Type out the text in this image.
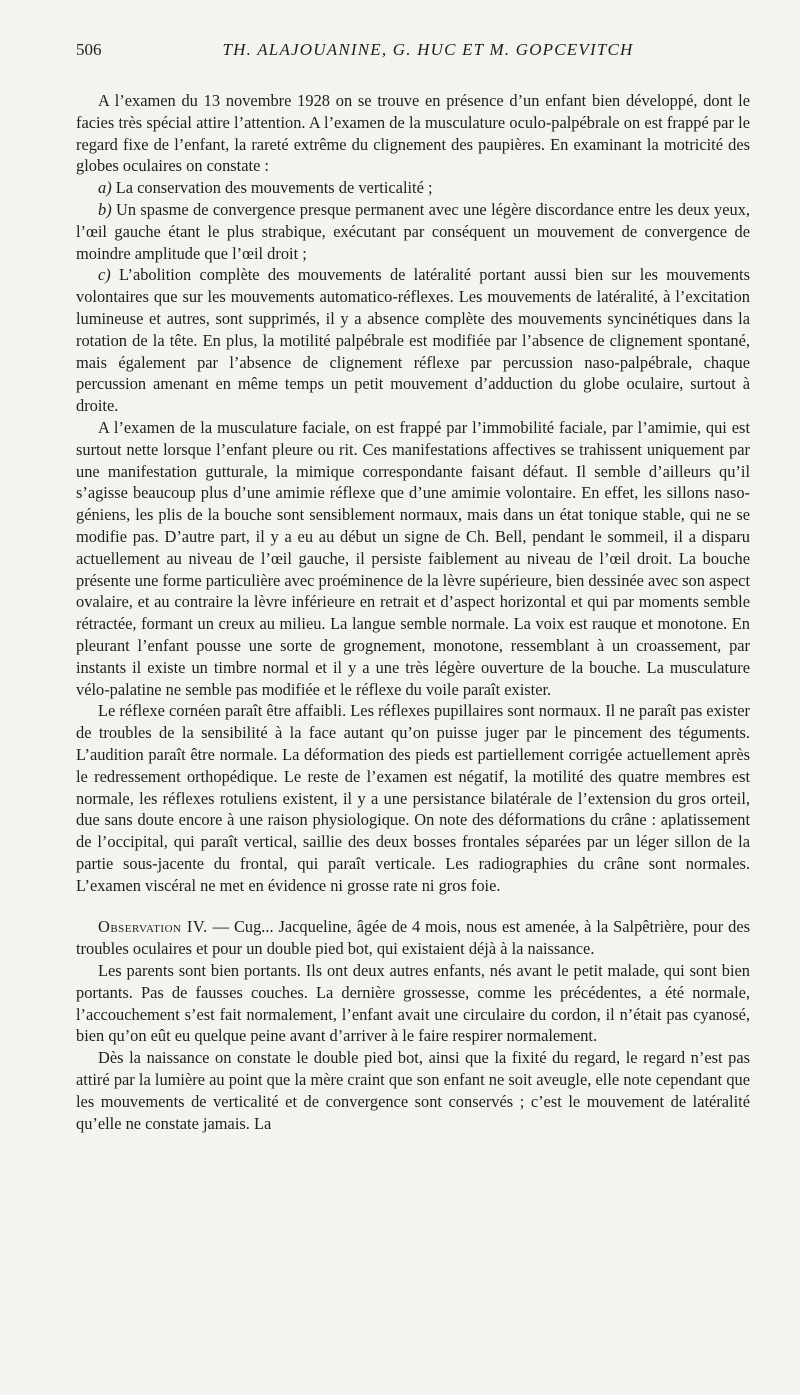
506	TH. ALAJOUANINE, G. HUC ET M. GOPCEVITCH

A l’examen du 13 novembre 1928 on se trouve en présence d’un enfant bien développé, dont le facies très spécial attire l’attention. A l’examen de la musculature oculo-palpébrale on est frappé par le regard fixe de l’enfant, la rareté extrême du clignement des paupières. En examinant la motricité des globes oculaires on constate :

a) La conservation des mouvements de verticalité ;

b) Un spasme de convergence presque permanent avec une légère discordance entre les deux yeux, l’œil gauche étant le plus strabique, exécutant par conséquent un mouvement de convergence de moindre amplitude que l’œil droit ;

c) L’abolition complète des mouvements de latéralité portant aussi bien sur les mouvements volontaires que sur les mouvements automatico-réflexes. Les mouvements de latéralité, à l’excitation lumineuse et autres, sont supprimés, il y a absence complète des mouvements syncinétiques dans la rotation de la tête. En plus, la motilité palpébrale est modifiée par l’absence de clignement spontané, mais également par l’absence de clignement réflexe par percussion naso-palpébrale, chaque percussion amenant en même temps un petit mouvement d’adduction du globe oculaire, surtout à droite.

A l’examen de la musculature faciale, on est frappé par l’immobilité faciale, par l’amimie, qui est surtout nette lorsque l’enfant pleure ou rit. Ces manifestations affectives se trahissent uniquement par une manifestation gutturale, la mimique correspondante faisant défaut. Il semble d’ailleurs qu’il s’agisse beaucoup plus d’une amimie réflexe que d’une amimie volontaire. En effet, les sillons naso-géniens, les plis de la bouche sont sensiblement normaux, mais dans un état tonique stable, qui ne se modifie pas. D’autre part, il y a eu au début un signe de Ch. Bell, pendant le sommeil, il a disparu actuellement au niveau de l’œil gauche, il persiste faiblement au niveau de l’œil droit. La bouche présente une forme particulière avec proéminence de la lèvre supérieure, bien dessinée avec son aspect ovalaire, et au contraire la lèvre inférieure en retrait et d’aspect horizontal et qui par moments semble rétractée, formant un creux au milieu. La langue semble normale. La voix est rauque et monotone. En pleurant l’enfant pousse une sorte de grognement, monotone, ressemblant à un croassement, par instants il existe un timbre normal et il y a une très légère ouverture de la bouche. La musculature vélo-palatine ne semble pas modifiée et le réflexe du voile paraît exister.

Le réflexe cornéen paraît être affaibli. Les réflexes pupillaires sont normaux. Il ne paraît pas exister de troubles de la sensibilité à la face autant qu’on puisse juger par le pincement des téguments. L’audition paraît être normale. La déformation des pieds est partiellement corrigée actuellement après le redressement orthopédique. Le reste de l’examen est négatif, la motilité des quatre membres est normale, les réflexes rotuliens existent, il y a une persistance bilatérale de l’extension du gros orteil, due sans doute encore à une raison physiologique. On note des déformations du crâne : aplatissement de l’occipital, qui paraît vertical, saillie des deux bosses frontales séparées par un léger sillon de la partie sous-jacente du frontal, qui paraît verticale. Les radiographies du crâne sont normales. L’examen viscéral ne met en évidence ni grosse rate ni gros foie.

Observation IV. — Cug... Jacqueline, âgée de 4 mois, nous est amenée, à la Salpêtrière, pour des troubles oculaires et pour un double pied bot, qui existaient déjà à la naissance.

Les parents sont bien portants. Ils ont deux autres enfants, nés avant le petit malade, qui sont bien portants. Pas de fausses couches. La dernière grossesse, comme les précédentes, a été normale, l’accouchement s’est fait normalement, l’enfant avait une circulaire du cordon, il n’était pas cyanosé, bien qu’on eût eu quelque peine avant d’arriver à le faire respirer normalement.

Dès la naissance on constate le double pied bot, ainsi que la fixité du regard, le regard n’est pas attiré par la lumière au point que la mère craint que son enfant ne soit aveugle, elle note cependant que les mouvements de verticalité et de convergence sont conservés ; c’est le mouvement de latéralité qu’elle ne constate jamais. La
